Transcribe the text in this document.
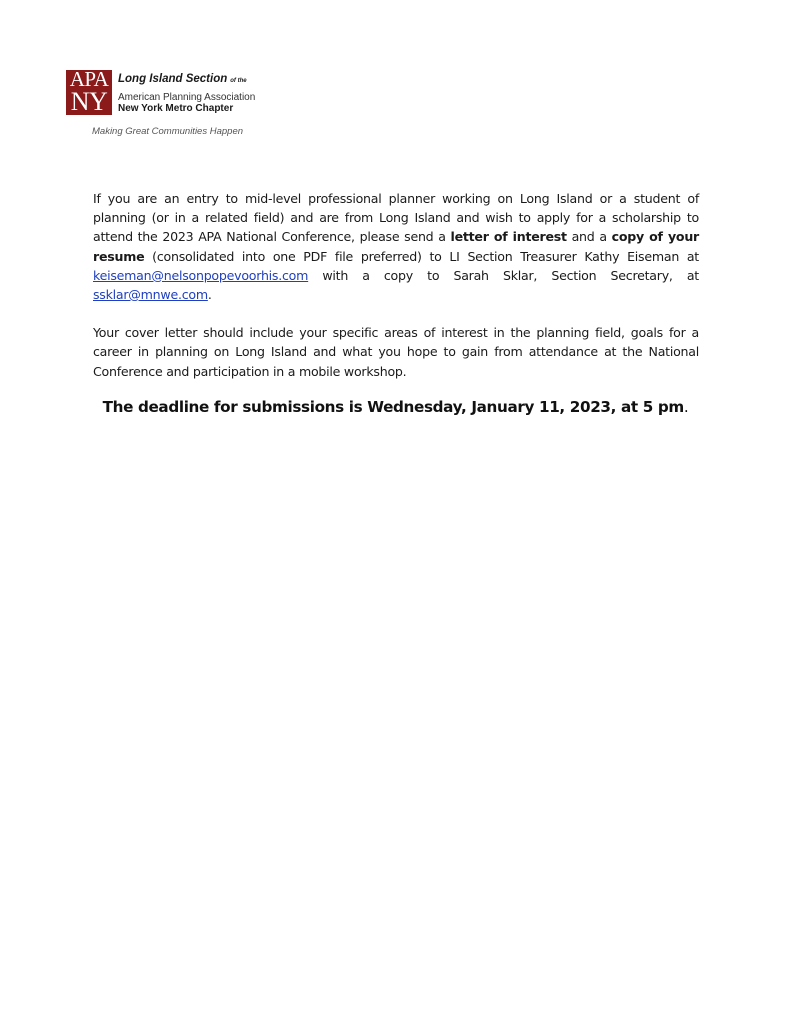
APA
NY
Long Island Section of the
American Planning Association
New York Metro Chapter
Making Great Communities Happen

If you are an entry to mid-level professional planner working on Long Island or a student of planning (or in a related field) and are from Long Island and wish to apply for a scholarship to attend the 2023 APA National Conference, please send a letter of interest and a copy of your resume (consolidated into one PDF file preferred) to LI Section Treasurer Kathy Eiseman at keiseman@nelsonpopevoorhis.com with a copy to Sarah Sklar, Section Secretary, at ssklar@mnwe.com.

Your cover letter should include your specific areas of interest in the planning field, goals for a career in planning on Long Island and what you hope to gain from attendance at the National Conference and participation in a mobile workshop.

The deadline for submissions is Wednesday, January 11, 2023, at 5 pm.
